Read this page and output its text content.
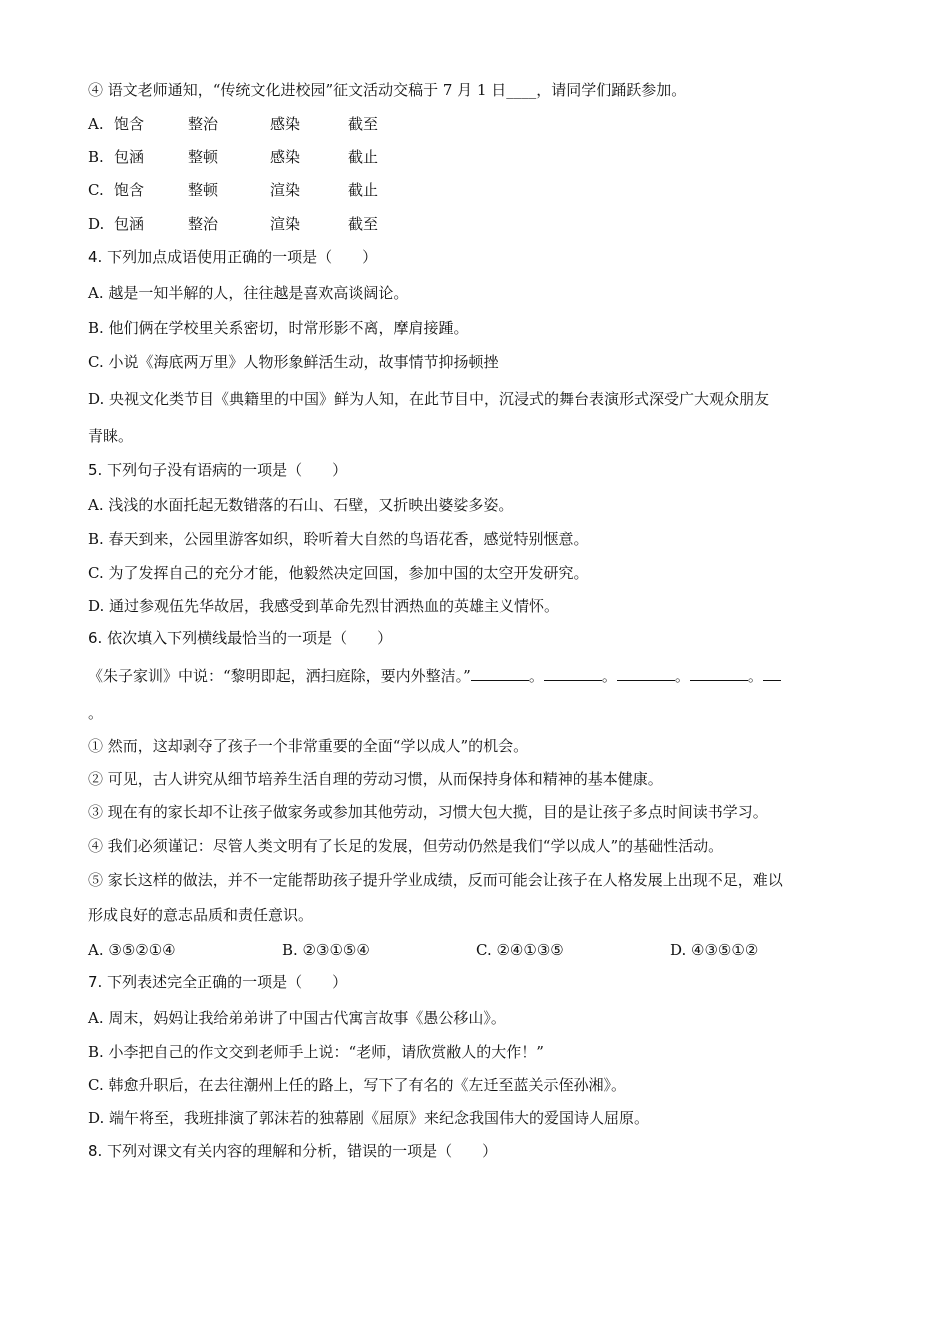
④ 语文老师通知，“传统文化进校园”征文活动交稿于 7 月 1 日____，请同学们踊跃参加。
A. 饱含	整治	感染	截至
B. 包涵	整顿	感染	截止
C. 饱含	整顿	渲染	截止
D. 包涵	整治	渲染	截至
4. 下列加点成语使用正确的一项是（　　）
A. 越是一知半解的人，往往越是喜欢高谈阔论。
B. 他们俩在学校里关系密切，时常形影不离，摩肩接踵。
C. 小说《海底两万里》人物形象鲜活生动，故事情节抑扬顿挫
D. 央视文化类节目《典籍里的中国》鲜为人知，在此节目中，沉浸式的舞台表演形式深受广大观众朋友
青睐。
5. 下列句子没有语病的一项是（　　）
A. 浅浅的水面托起无数错落的石山、石壁，又折映出婆娑多姿。
B. 春天到来，公园里游客如织，聆听着大自然的鸟语花香，感觉特别惬意。
C. 为了发挥自己的充分才能，他毅然决定回国，参加中国的太空开发研究。
D. 通过参观伍先华故居，我感受到革命先烈甘洒热血的英雄主义情怀。
6. 依次填入下列横线最恰当的一项是（　　）
《朱子家训》中说：“黎明即起，洒扫庭除，要内外整洁。”	。	。	。	。
。
① 然而，这却剥夺了孩子一个非常重要的全面“学以成人”的机会。
② 可见，古人讲究从细节培养生活自理的劳动习惯，从而保持身体和精神的基本健康。
③ 现在有的家长却不让孩子做家务或参加其他劳动，习惯大包大揽，目的是让孩子多点时间读书学习。
④ 我们必须谨记：尽管人类文明有了长足的发展，但劳动仍然是我们“学以成人”的基础性活动。
⑤ 家长这样的做法，并不一定能帮助孩子提升学业成绩，反而可能会让孩子在人格发展上出现不足，难以
形成良好的意志品质和责任意识。
A. ③⑤②①④	B. ②③①⑤④	C. ②④①③⑤	D. ④③⑤①②
7. 下列表述完全正确的一项是（　　）
A. 周末，妈妈让我给弟弟讲了中国古代寓言故事《愚公移山》。
B. 小李把自己的作文交到老师手上说：“老师，请欣赏敝人的大作！”
C. 韩愈升职后，在去往潮州上任的路上，写下了有名的《左迁至蓝关示侄孙湘》。
D. 端午将至，我班排演了郭沫若的独幕剧《屈原》来纪念我国伟大的爱国诗人屈原。
8. 下列对课文有关内容的理解和分析，错误的一项是（　　）
